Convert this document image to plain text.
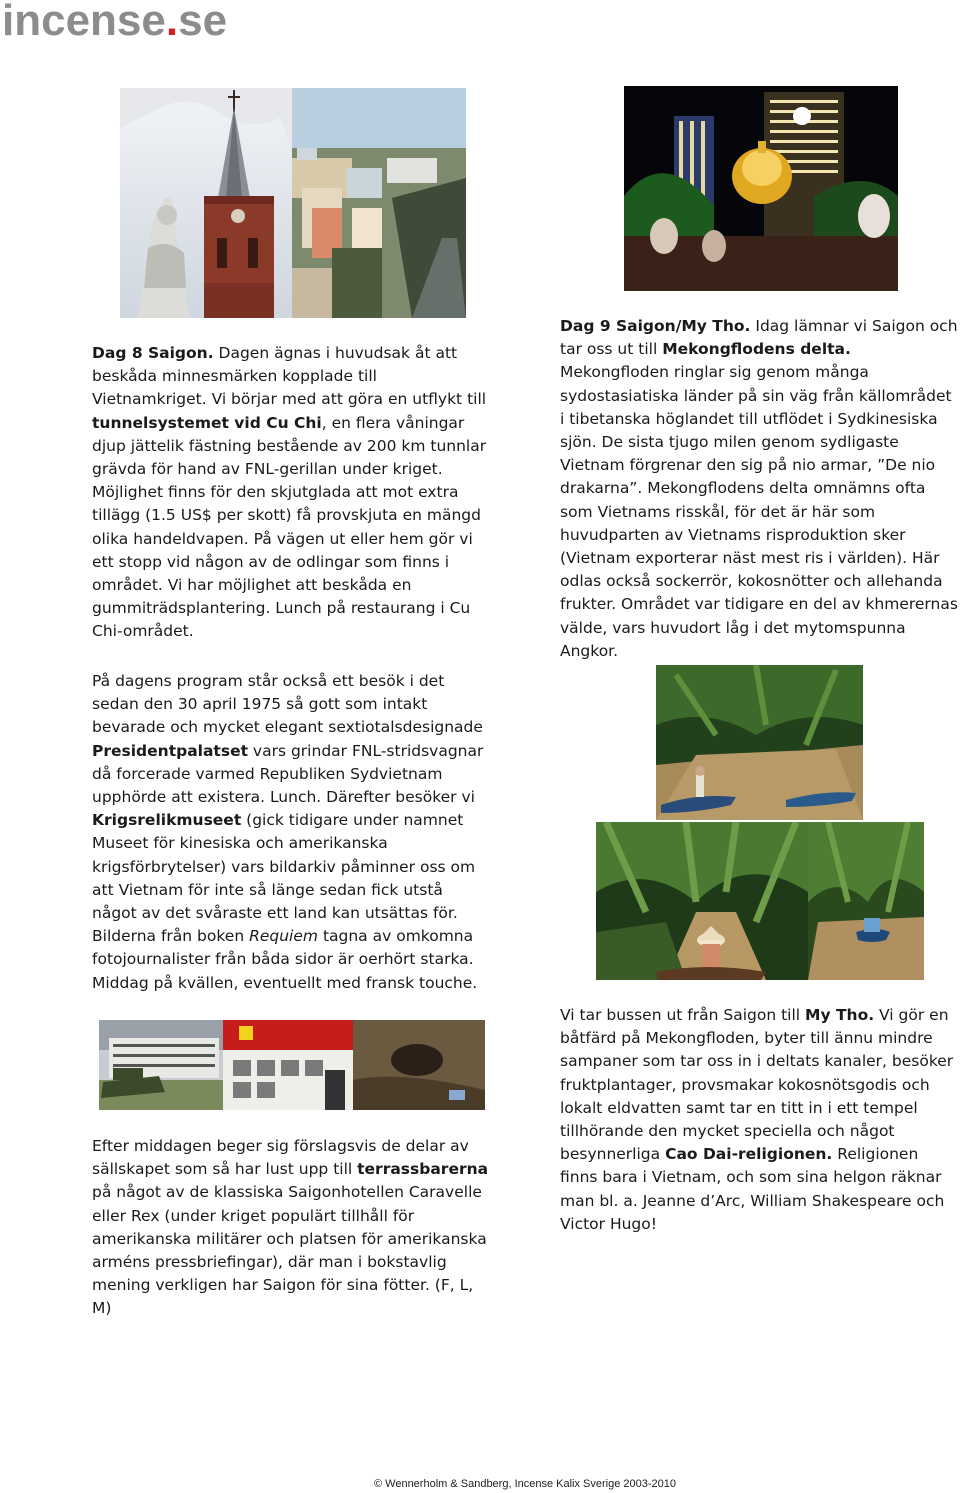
incense.se

Dag 8 Saigon. Dagen ägnas i huvudsak åt att beskåda minnesmärken kopplade till Vietnamkriget. Vi börjar med att göra en utflykt till tunnelsystemet vid Cu Chi, en flera våningar djup jättelik fästning bestående av 200 km tunnlar grävda för hand av FNL-gerillan under kriget. Möjlighet finns för den skjutglada att mot extra tillägg (1.5 US$ per skott) få provskjuta en mängd olika handeldvapen. På vägen ut eller hem gör vi ett stopp vid någon av de odlingar som finns i området. Vi har möjlighet att beskåda en gummiträdsplantering. Lunch på restaurang i Cu Chi-området.

På dagens program står också ett besök i det sedan den 30 april 1975 så gott som intakt bevarade och mycket elegant sextiotalsdesignade Presidentpalatset vars grindar FNL-stridsvagnar då forcerade varmed Republiken Sydvietnam upphörde att existera. Lunch. Därefter besöker vi Krigsrelikmuseet (gick tidigare under namnet Museet för kinesiska och amerikanska krigsförbrytelser) vars bildarkiv påminner oss om att Vietnam för inte så länge sedan fick utstå något av det svåraste ett land kan utsättas för. Bilderna från boken Requiem tagna av omkomna fotojournalister från båda sidor är oerhört starka. Middag på kvällen, eventuellt med fransk touche.

Efter middagen beger sig förslagsvis de delar av sällskapet som så har lust upp till terrassbarerna på något av de klassiska Saigonhotellen Caravelle eller Rex (under kriget populärt tillhåll för amerikanska militärer och platsen för amerikanska arméns pressbriefingar), där man i bokstavlig mening verkligen har Saigon för sina fötter. (F, L, M)

Dag 9 Saigon/My Tho. Idag lämnar vi Saigon och tar oss ut till Mekongflodens delta. Mekongfloden ringlar sig genom många sydostasiatiska länder på sin väg från källområdet i tibetanska höglandet till utflödet i Sydkinesiska sjön. De sista tjugo milen genom sydligaste Vietnam förgrenar den sig på nio armar, ”De nio drakarna”. Mekongflodens delta omnämns ofta som Vietnams risskål, för det är här som huvudparten av Vietnams risproduktion sker (Vietnam exporterar näst mest ris i världen). Här odlas också sockerrör, kokosnötter och allehanda frukter. Området var tidigare en del av khmerernas välde, vars huvudort låg i det mytomspunna Angkor.

Vi tar bussen ut från Saigon till My Tho. Vi gör en båtfärd på Mekongfloden, byter till ännu mindre sampaner som tar oss in i deltats kanaler, besöker fruktplantager, provsmakar kokosnötsgodis och lokalt eldvatten samt tar en titt in i ett tempel tillhörande den mycket speciella och något besynnerliga Cao Dai-religionen. Religionen finns bara i Vietnam, och som sina helgon räknar man bl. a. Jeanne d’Arc, William Shakespeare och Victor Hugo!

© Wennerholm & Sandberg, Incense Kalix Sverige 2003-2010
